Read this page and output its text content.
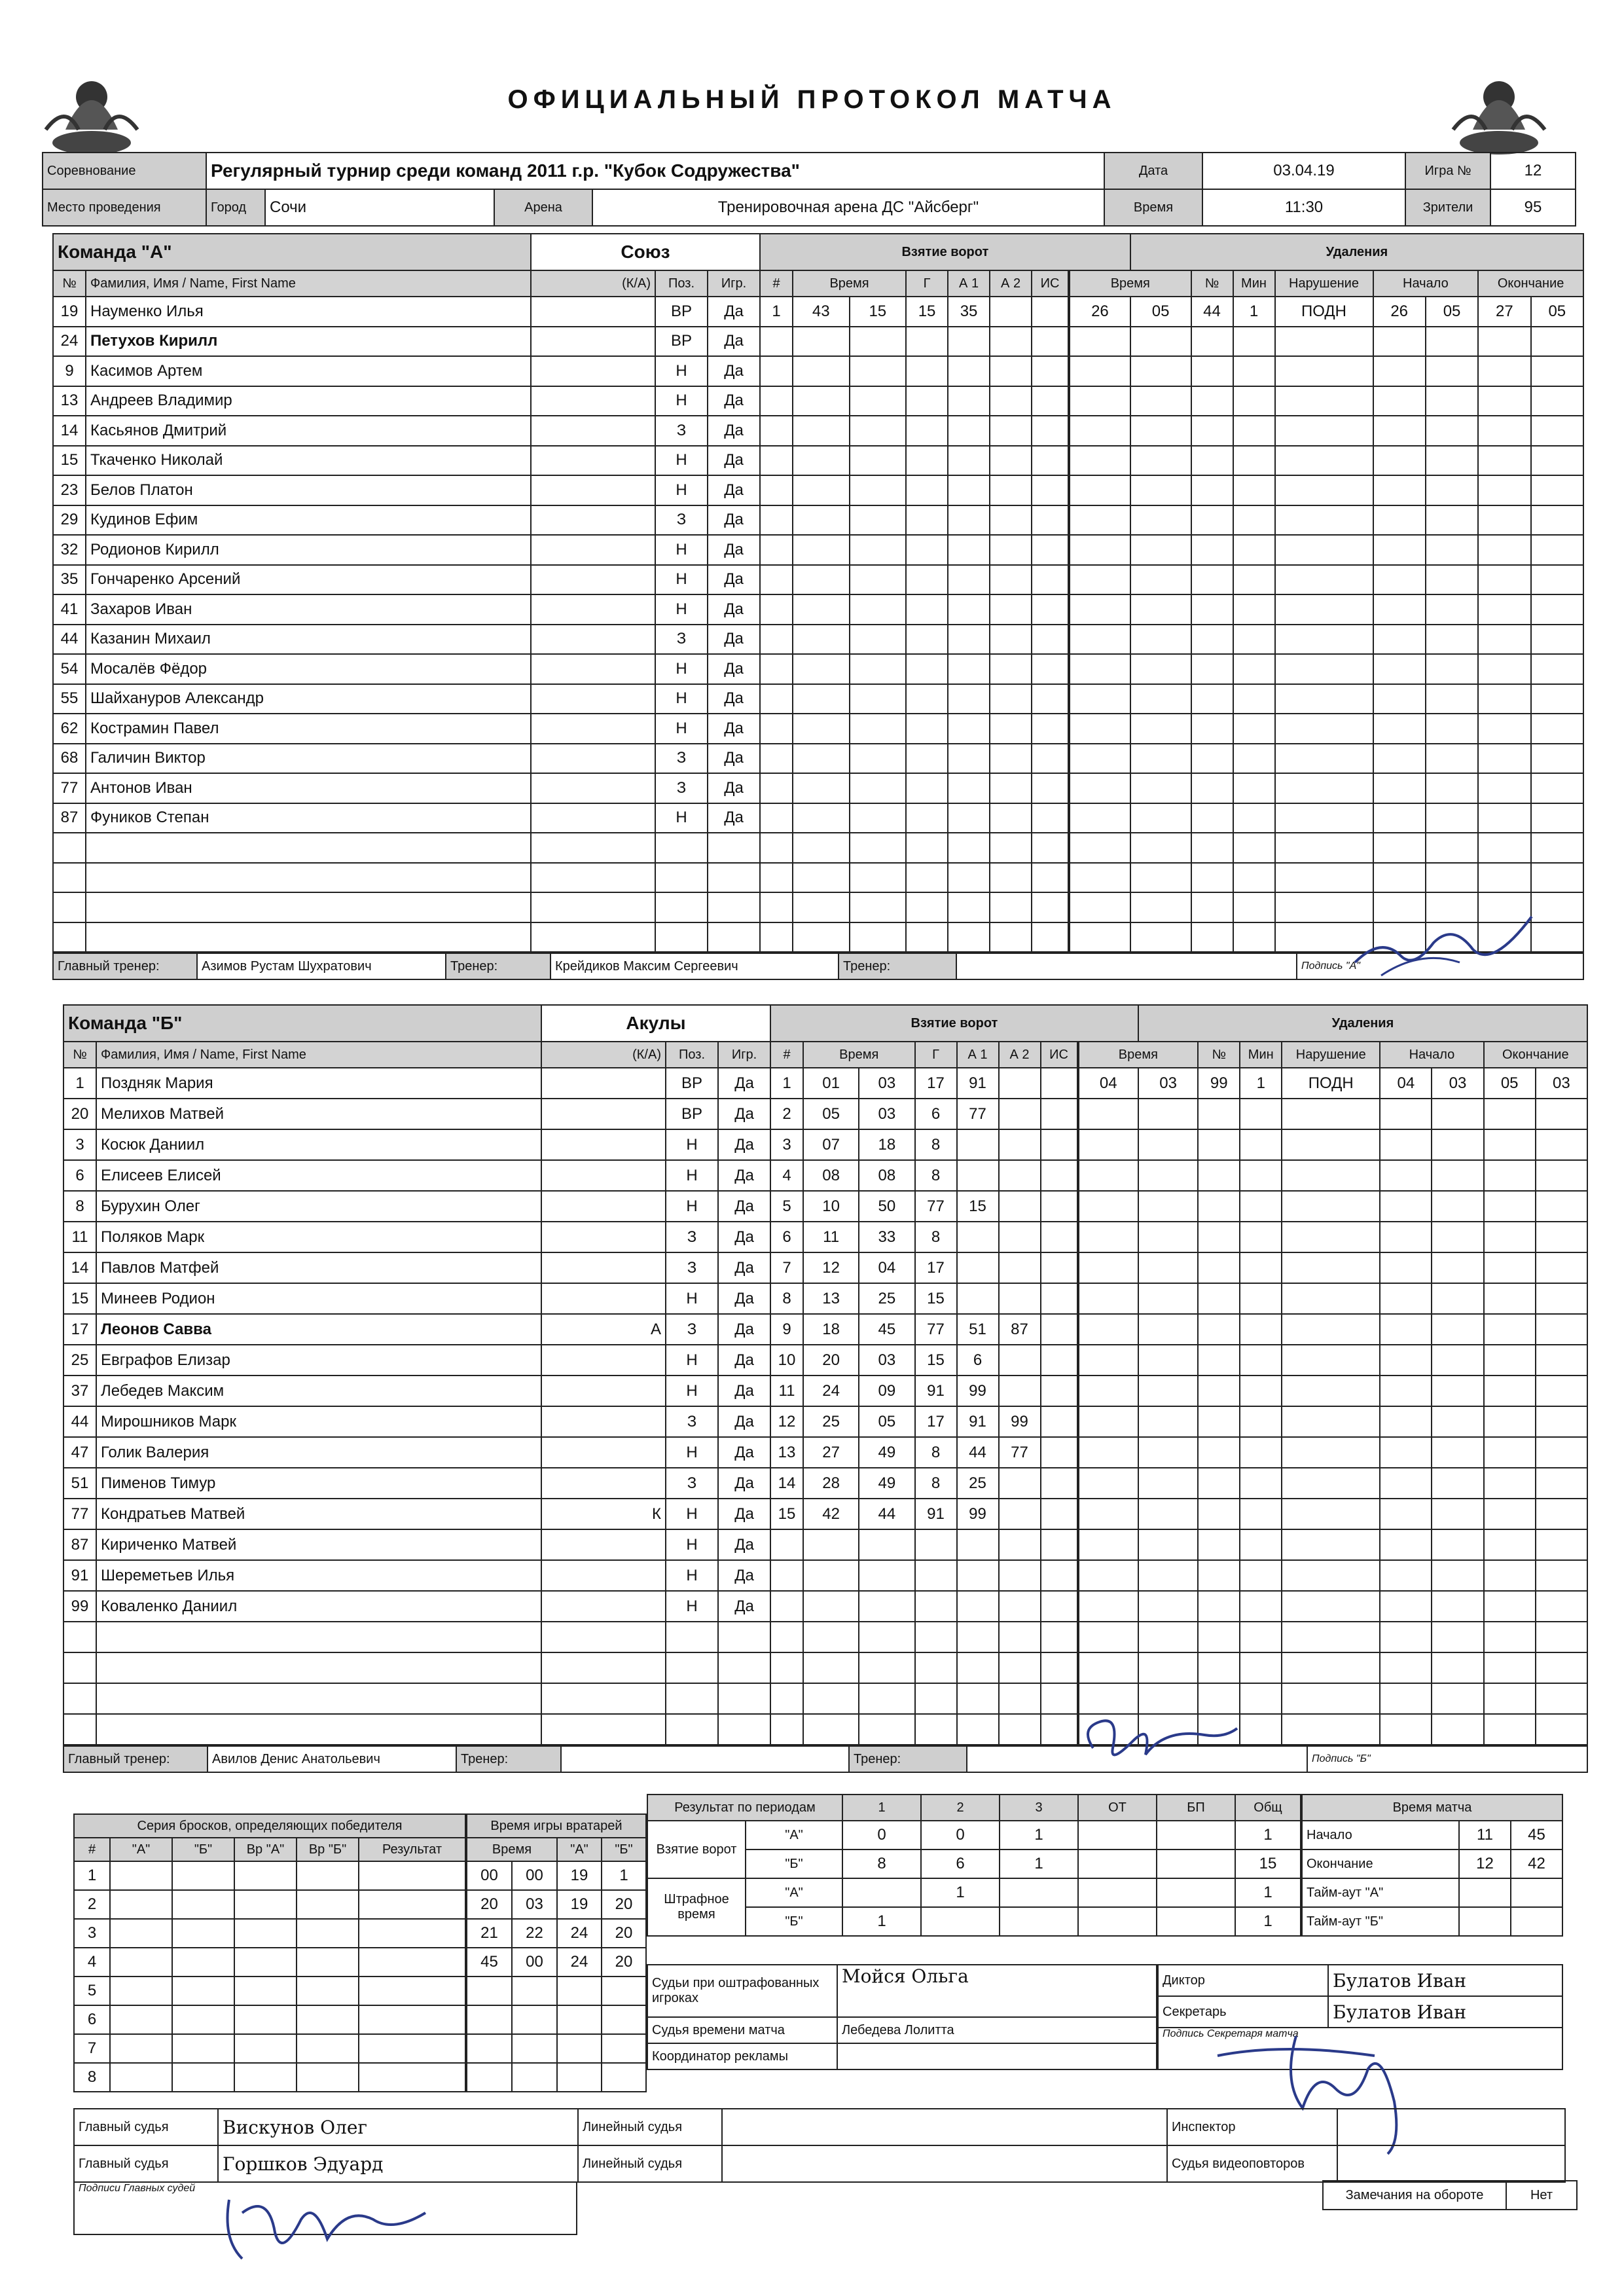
ОФИЦИАЛЬНЫЙ ПРОТОКОЛ МАТЧА
Соревнование	Регулярный турнир среди команд 2011 г.р. "Кубок Содружества"				Дата	03.04.19	Игра №	12
Место проведения	Город	Сочи	Арена	Тренировочная арена ДС "Айсберг"	Время	11:30	Зрители	95
Команда "А"		Союз			Взятие ворот									Удаления							
№	Фамилия, Имя / Name, First Name	(К/А)	Поз.	Игр.	#	Время		Г	А 1	А 2	ИС		Время		№	Мин	Нарушение	Начало		Окончание	
19	Науменко Илья		ВР	Да	1	43	15	15	35				26	05	44	1	ПОДН	26	05	27	05
24	Петухов Кирилл		ВР	Да																	
9	Касимов Артем		Н	Да																	
13	Андреев Владимир		Н	Да																	
14	Касьянов Дмитрий		З	Да																	
15	Ткаченко Николай		Н	Да																	
23	Белов Платон		Н	Да																	
29	Кудинов Ефим		З	Да																	
32	Родионов Кирилл		Н	Да																	
35	Гончаренко Арсений		Н	Да																	
41	Захаров Иван		Н	Да																	
44	Казанин Михаил		З	Да																	
54	Мосалёв Фёдор		Н	Да																	
55	Шайхануров Александр		Н	Да																	
62	Кострамин Павел		Н	Да																	
68	Галичин Виктор		З	Да																	
77	Антонов Иван		З	Да																	
87	Фуников Степан		Н	Да																	

Главный тренер:	Азимов Рустам Шухратович	Тренер:	Крейдиков Максим Сергеевич	Тренер:		Подпись "А"
Команда "Б"		Акулы			Взятие ворот									Удаления							
№	Фамилия, Имя / Name, First Name	(К/А)	Поз.	Игр.	#	Время		Г	А 1	А 2	ИС		Время		№	Мин	Нарушение	Начало		Окончание	
1	Поздняк Мария		ВР	Да	1	01	03	17	91				04	03	99	1	ПОДН	04	03	05	03
20	Мелихов Матвей		ВР	Да	2	05	03	6	77												
3	Косюк Даниил		Н	Да	3	07	18	8													
6	Елисеев Елисей		Н	Да	4	08	08	8													
8	Бурухин Олег		Н	Да	5	10	50	77	15												
11	Поляков Марк		З	Да	6	11	33	8													
14	Павлов Матфей		З	Да	7	12	04	17													
15	Минеев Родион		Н	Да	8	13	25	15													
17	Леонов Савва	А	З	Да	9	18	45	77	51	87											
25	Евграфов Елизар		Н	Да	10	20	03	15	6												
37	Лебедев Максим		Н	Да	11	24	09	91	99												
44	Мирошников Марк		З	Да	12	25	05	17	91	99											
47	Голик Валерия		Н	Да	13	27	49	8	44	77											
51	Пименов Тимур		З	Да	14	28	49	8	25												
77	Кондратьев Матвей	К	Н	Да	15	42	44	91	99												
87	Кириченко Матвей		Н	Да																	
91	Шереметьев Илья		Н	Да																	
99	Коваленко Даниил		Н	Да																	

Главный тренер:	Авилов Денис Анатольевич	Тренер:		Тренер:		Подпись "Б"
Серия бросков, определяющих победителя					
#	"А"	"Б"	Вр "А"	Вр "Б"	Результат
1					
2					
3					
4					
5					
6					
7					
8					
Время игры вратарей			
Время		"А"	"Б"
00	00	19	1
20	03	19	20
21	22	24	20
45	00	24	20

Результат по периодам		1	2	3	ОТ	БП	Общ
Взятие ворот	"А"	0	0	1			1
	"Б"	8	6	1			15
Штрафное время	"А"		1				1
	"Б"	1					1
Время матча		
Начало	11	45
Окончание	12	42
Тайм-аут "А"		
Тайм-аут "Б"		
Судьи при оштрафованных игроках	Мойся Ольга
Судья времени матча	Лебедева Лолитта
Координатор рекламы	
Диктор	Булатов Иван
Секретарь	Булатов Иван
Подпись Секретаря матча	
Главный судья	Вискунов Олег	Линейный судья		Инспектор	
Главный судья	Горшков Эдуард	Линейный судья		Судья видеоповторов	
Подписи Главных судей	Замечания на обороте	Нет
